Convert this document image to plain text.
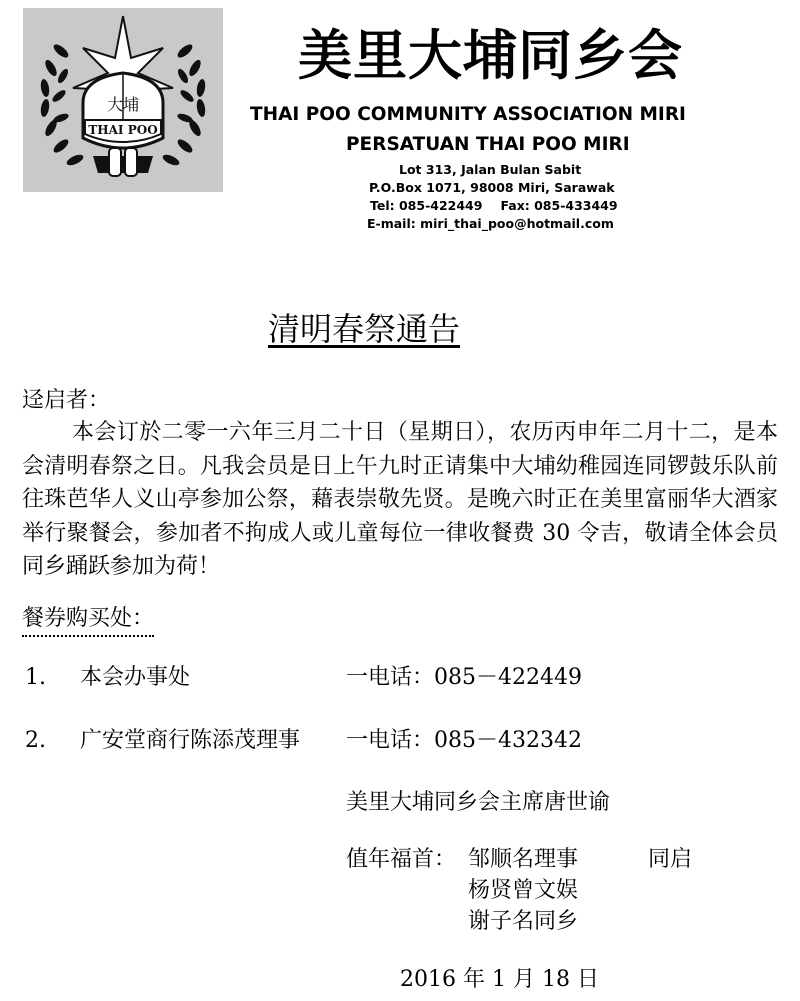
大埔
THAI POO
美里大埔同乡会
THAI POO COMMUNITY ASSOCIATION MIRI
PERSATUAN THAI POO MIRI
Lot 313, Jalan Bulan Sabit
P.O.Box 1071, 98008 Miri, Sarawak
Tel: 085-422449 Fax: 085-433449
E-mail: miri_thai_poo@hotmail.com
清明春祭通告
迳启者：
本会订於二零一六年三月二十日（星期日），农历丙申年二月十二，是本会清明春祭之日。凡我会员是日上午九时正请集中大埔幼稚园连同锣鼓乐队前往珠芭华人义山亭参加公祭，藉表崇敬先贤。是晚六时正在美里富丽华大酒家举行聚餐会，参加者不拘成人或儿童每位一律收餐费 30 令吉，敬请全体会员同乡踊跃参加为荷！
餐券购买处：
1. 本会办事处	一电话：085－422449
2. 广安堂商行陈添茂理事 一电话：085－432342
美里大埔同乡会主席唐世谕
值年福首： 邹顺名理事
杨贤曾文娱
谢子名同乡
同启
2016 年 1 月 18 日
